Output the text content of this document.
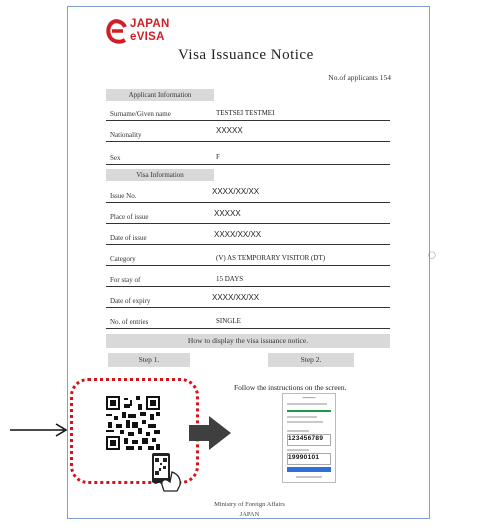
JAPAN
eVISA
Visa Issuance Notice
No.of applicants 154
Applicant Information
Surname/Given name	TESTSEI TESTMEI
Nationality	XXXXX
Sex	F
Visa Information
Issue No.	XXXX/XX/XX
Place of issue	XXXXX
Date of issue	XXXX/XX/XX
Category	(V) AS TEMPORARY VISITOR (DT)
For stay of	15 DAYS
Date of expiry	XXXX/XX/XX
No. of entries	SINGLE
How to display the visa issuance notice.
Step 1.	Step 2.
Follow the instructions on the screen.
Ministry of Foreign Affairs
JAPAN
━━━━━━
123456789
19990101
◯
